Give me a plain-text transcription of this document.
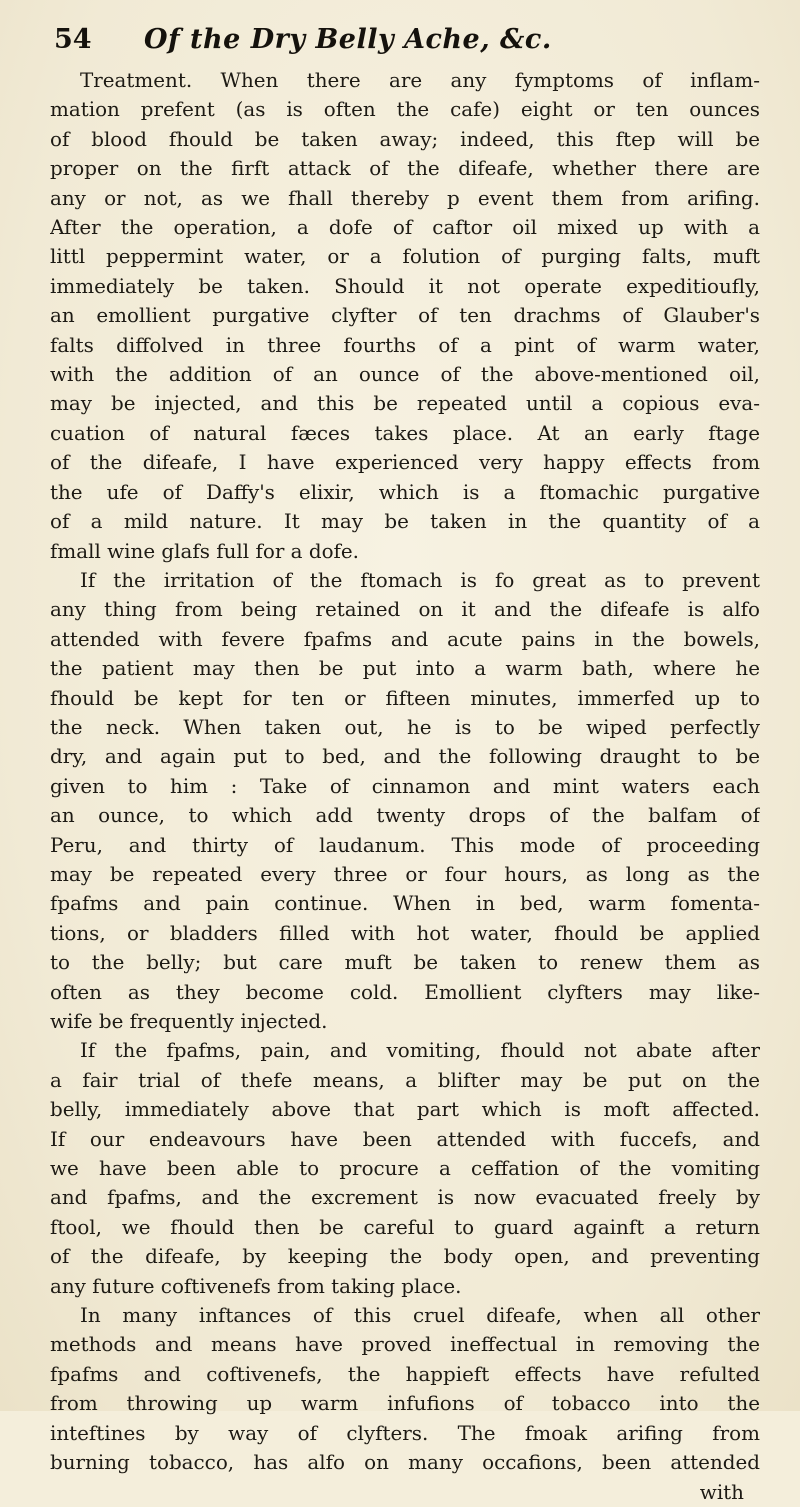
54	Of the Dry Belly Ache, &c.
Treatment. When there are any fymptoms of inflam-
mation prefent (as is often the cafe) eight or ten ounces
of blood fhould be taken away; indeed, this ftep will be
proper on the firft attack of the difeafe, whether there are
any or not, as we fhall thereby p event them from arifing.
After the operation, a dofe of caftor oil mixed up with a
littl peppermint water, or a folution of purging falts, muft
immediately be taken. Should it not operate expeditioufly,
an emollient purgative clyfter of ten drachms of Glauber's
falts diffolved in three fourths of a pint of warm water,
with the addition of an ounce of the above-mentioned oil,
may be injected, and this be repeated until a copious eva-
cuation of natural fæces takes place. At an early ftage
of the difeafe, I have experienced very happy effects from
the ufe of Daffy's elixir, which is a ftomachic purgative
of a mild nature. It may be taken in the quantity of a
fmall wine glafs full for a dofe.
If the irritation of the ftomach is fo great as to prevent
any thing from being retained on it and the difeafe is alfo
attended with fevere fpafms and acute pains in the bowels,
the patient may then be put into a warm bath, where he
fhould be kept for ten or fifteen minutes, immerfed up to
the neck. When taken out, he is to be wiped perfectly
dry, and again put to bed, and the following draught to be
given to him : Take of cinnamon and mint waters each
an ounce, to which add twenty drops of the balfam of
Peru, and thirty of laudanum. This mode of proceeding
may be repeated every three or four hours, as long as the
fpafms and pain continue. When in bed, warm fomenta-
tions, or bladders filled with hot water, fhould be applied
to the belly; but care muft be taken to renew them as
often as they become cold. Emollient clyfters may like-
wife be frequently injected.
If the fpafms, pain, and vomiting, fhould not abate after
a fair trial of thefe means, a blifter may be put on the
belly, immediately above that part which is moft affected.
If our endeavours have been attended with fuccefs, and
we have been able to procure a ceffation of the vomiting
and fpafms, and the excrement is now evacuated freely by
ftool, we fhould then be careful to guard againft a return
of the difeafe, by keeping the body open, and preventing
any future coftivenefs from taking place.
In many inftances of this cruel difeafe, when all other
methods and means have proved ineffectual in removing the
fpafms and coftivenefs, the happieft effects have refulted
from throwing up warm infufions of tobacco into the
inteftines by way of clyfters. The fmoak arifing from
burning tobacco, has alfo on many occafions, been attended
with
